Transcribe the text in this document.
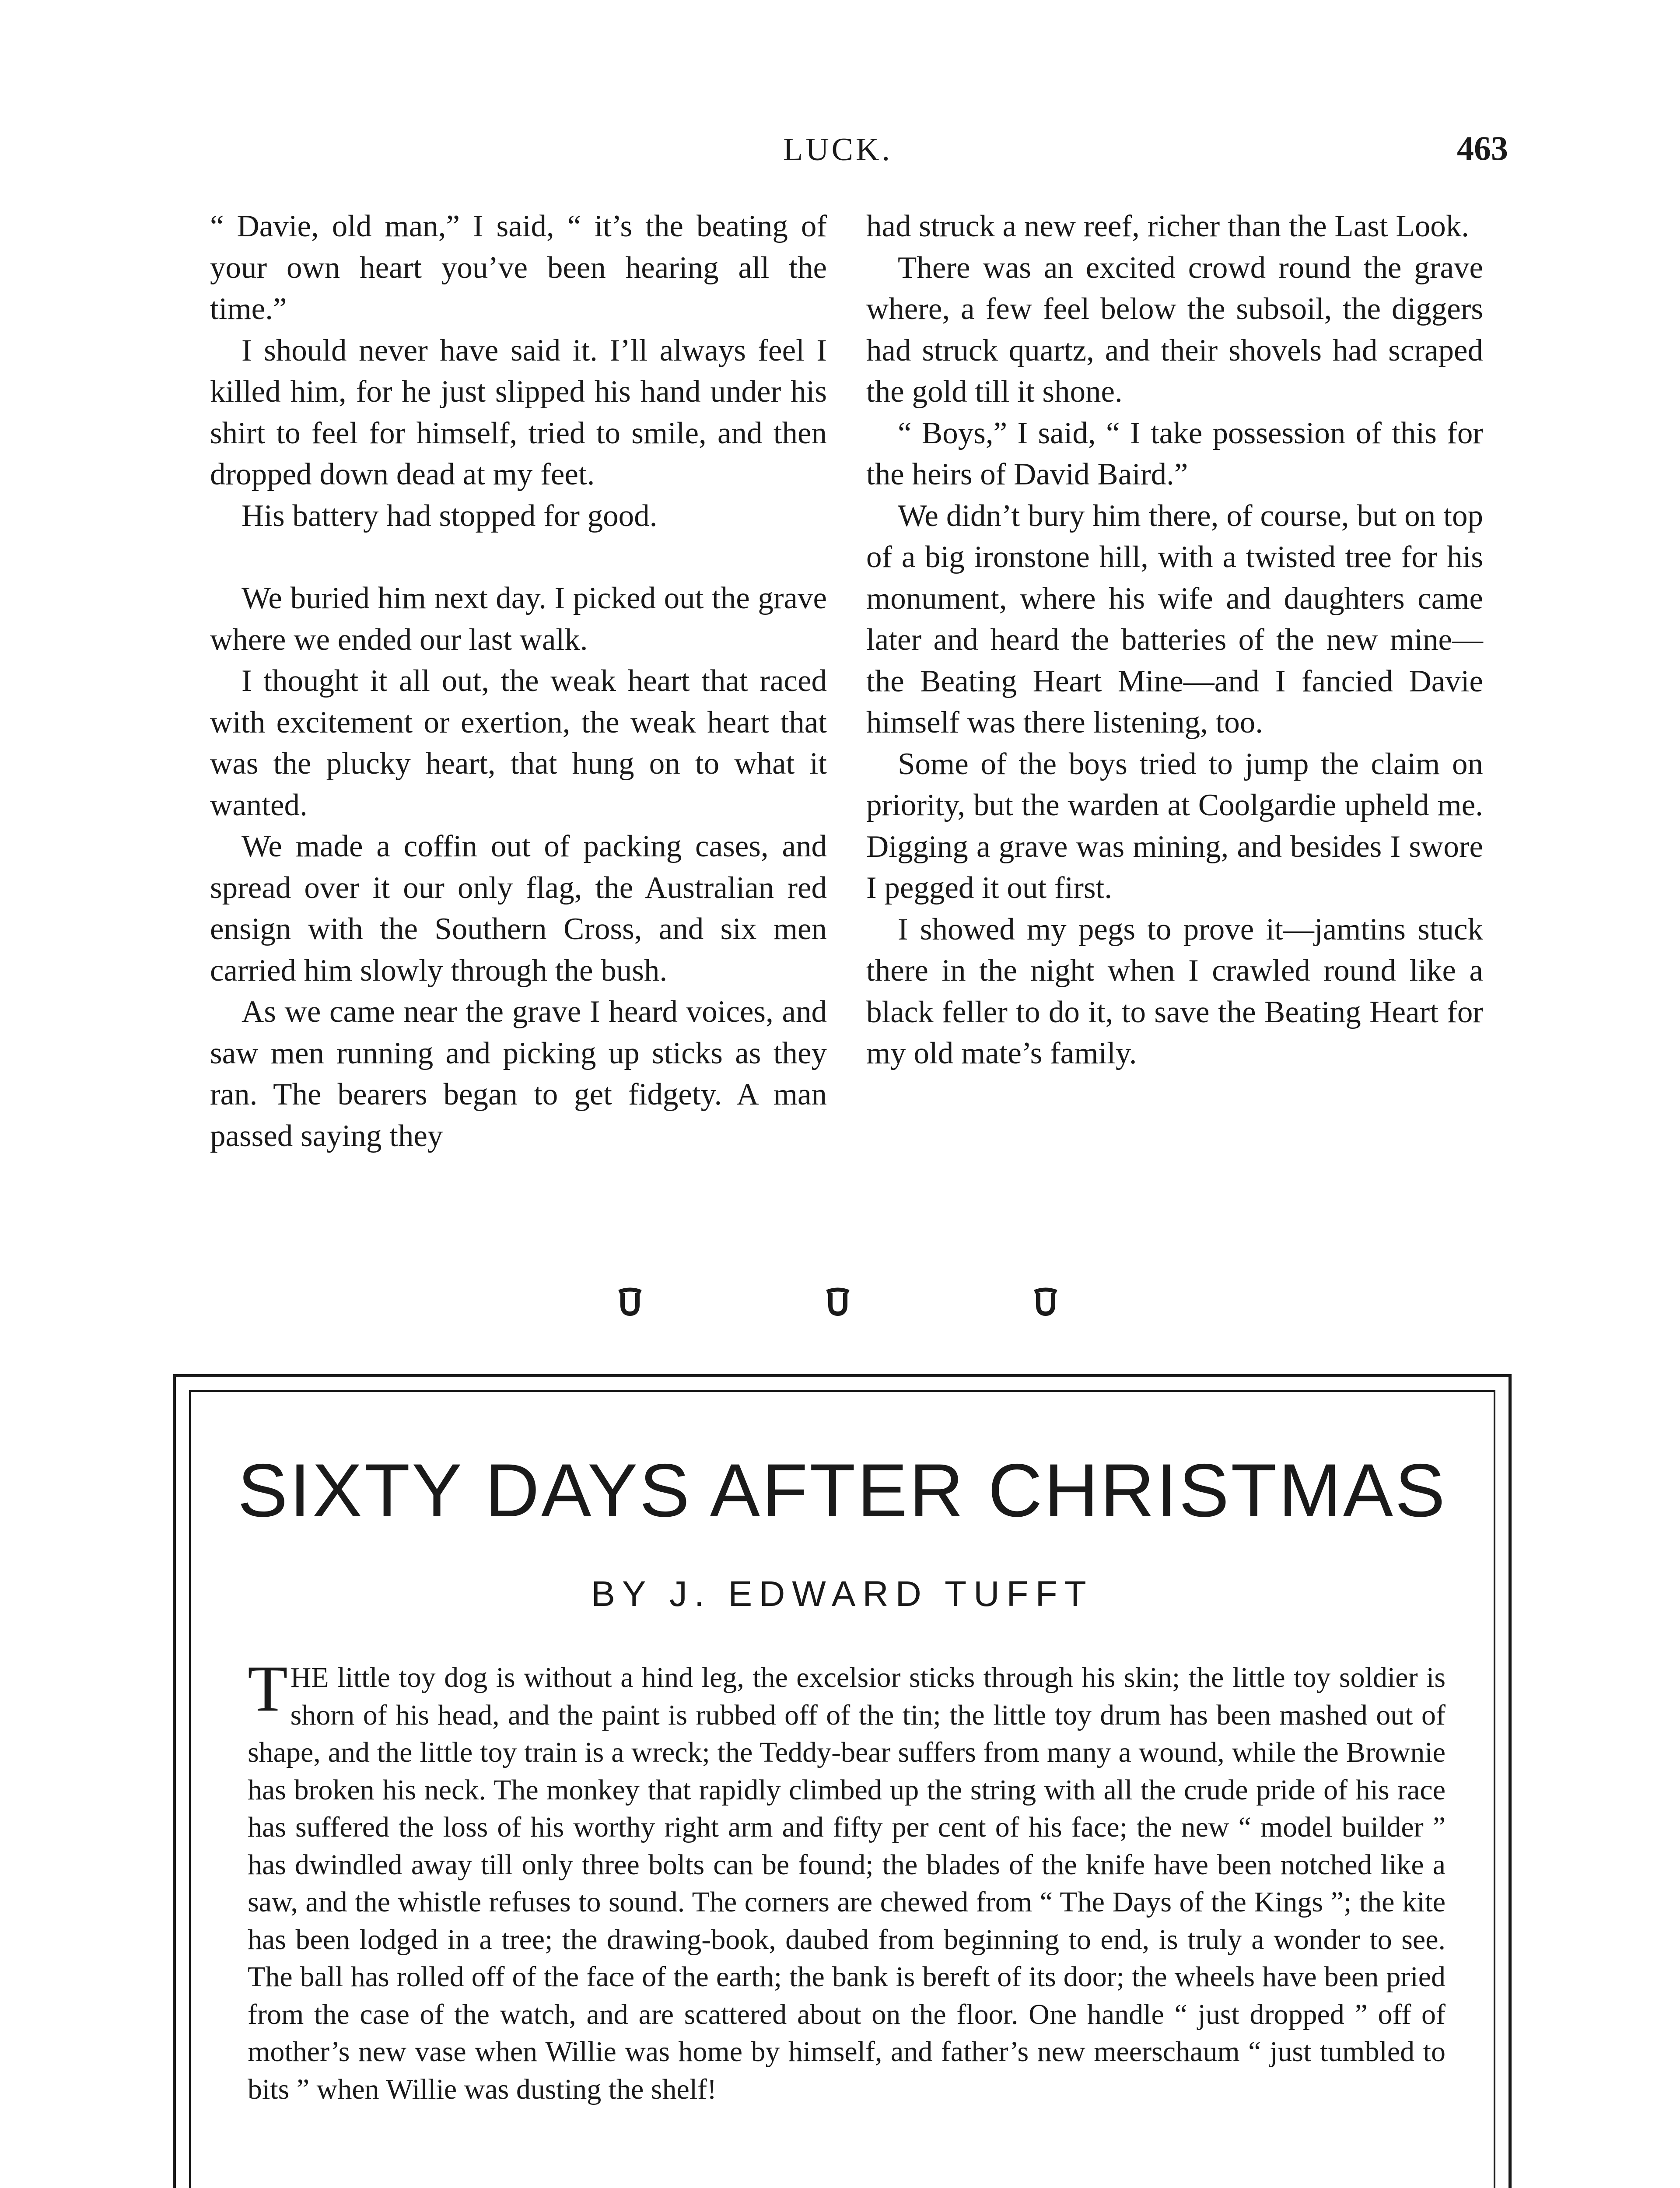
LUCK.	463

“ Davie, old man,” I said, “ it’s the beating of your own heart you’ve been hearing all the time.”

I should never have said it. I’ll always feel I killed him, for he just slipped his hand under his shirt to feel for himself, tried to smile, and then dropped down dead at my feet.

His battery had stopped for good.

We buried him next day. I picked out the grave where we ended our last walk.

I thought it all out, the weak heart that raced with excitement or exertion, the weak heart that was the plucky heart, that hung on to what it wanted.

We made a coffin out of packing cases, and spread over it our only flag, the Australian red ensign with the Southern Cross, and six men carried him slowly through the bush.

As we came near the grave I heard voices, and saw men running and picking up sticks as they ran. The bearers began to get fidgety. A man passed saying they

had struck a new reef, richer than the Last Look.

There was an excited crowd round the grave where, a few feel below the subsoil, the diggers had struck quartz, and their shovels had scraped the gold till it shone.

“ Boys,” I said, “ I take possession of this for the heirs of David Baird.”

We didn’t bury him there, of course, but on top of a big ironstone hill, with a twisted tree for his monument, where his wife and daughters came later and heard the batteries of the new mine—the Beating Heart Mine—and I fancied Davie himself was there listening, too.

Some of the boys tried to jump the claim on priority, but the warden at Coolgardie upheld me. Digging a grave was mining, and besides I swore I pegged it out first.

I showed my pegs to prove it—jamtins stuck there in the night when I crawled round like a black feller to do it, to save the Beating Heart for my old mate’s family.

SIXTY DAYS AFTER CHRISTMAS
BY J. EDWARD TUFFT
T HE little toy dog is without a hind leg, the excelsior sticks through his skin; the little toy soldier is shorn of his head, and the paint is rubbed off of the tin; the little toy drum has been mashed out of shape, and the little toy train is a wreck; the Teddy-bear suffers from many a wound, while the Brownie has broken his neck. The monkey that rapidly climbed up the string with all the crude pride of his race has suffered the loss of his worthy right arm and fifty per cent of his face; the new “ model builder ” has dwindled away till only three bolts can be found; the blades of the knife have been notched like a saw, and the whistle refuses to sound. The corners are chewed from “ The Days of the Kings ”; the kite has been lodged in a tree; the drawing-book, daubed from beginning to end, is truly a wonder to see. The ball has rolled off of the face of the earth; the bank is bereft of its door; the wheels have been pried from the case of the watch, and are scattered about on the floor. One handle “ just dropped ” off of mother’s new vase when Willie was home by himself, and father’s new meerschaum “ just tumbled to bits ” when Willie was dusting the shelf!
